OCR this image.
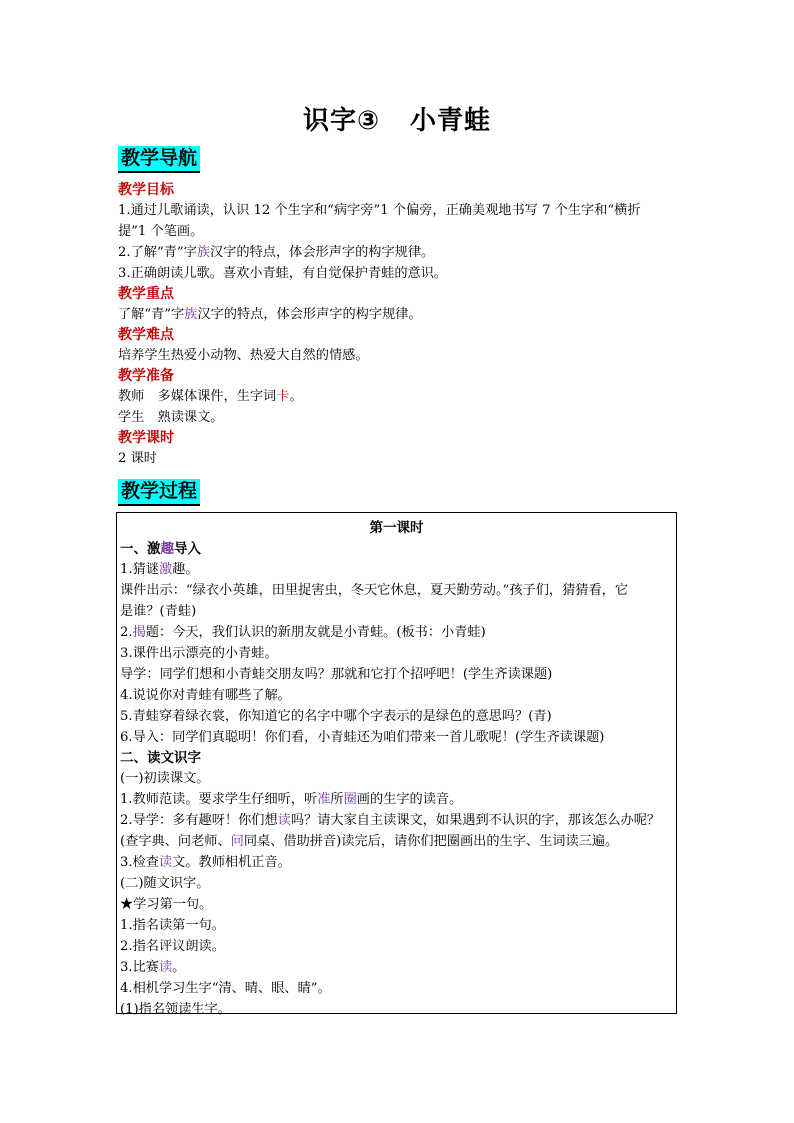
识字③ 小青蛙
教学导航
教学目标

1.通过儿歌诵读，认识 12 个生字和“病字旁”1 个偏旁，正确美观地书写 7 个生字和“横折

提”1 个笔画。

2.了解“青”字族汉字的特点，体会形声字的构字规律。

3.正确朗读儿歌。喜欢小青蛙，有自觉保护青蛙的意识。

教学重点

了解“青”字族汉字的特点，体会形声字的构字规律。

教学难点

培养学生热爱小动物、热爱大自然的情感。

教学准备

教师　多媒体课件，生字词卡。

学生　熟读课文。

教学课时

2 课时

教学过程
第一课时
一、激趣导入

1.猜谜激趣。

课件出示：“绿衣小英雄，田里捉害虫，冬天它休息，夏天勤劳动。”孩子们，猜猜看，它

是谁？(青蛙)

2.揭题：今天，我们认识的新朋友就是小青蛙。(板书：小青蛙)

3.课件出示漂亮的小青蛙。

导学：同学们想和小青蛙交朋友吗？那就和它打个招呼吧！(学生齐读课题)

4.说说你对青蛙有哪些了解。

5.青蛙穿着绿衣裳，你知道它的名字中哪个字表示的是绿色的意思吗？(青)

6.导入：同学们真聪明！你们看，小青蛙还为咱们带来一首儿歌呢！(学生齐读课题)

二、读文识字

(一)初读课文。

1.教师范读。要求学生仔细听，听准所圈画的生字的读音。

2.导学：多有趣呀！你们想读吗？请大家自主读课文，如果遇到不认识的字，那该怎么办呢？

(查字典、问老师、问同桌、借助拼音)读完后，请你们把圈画出的生字、生词读三遍。

3.检查读文。教师相机正音。

(二)随文识字。

★学习第一句。

1.指名读第一句。

2.指名评议朗读。

3.比赛读。

4.相机学习生字“清、晴、眼、睛”。

(1)指名领读生字。
